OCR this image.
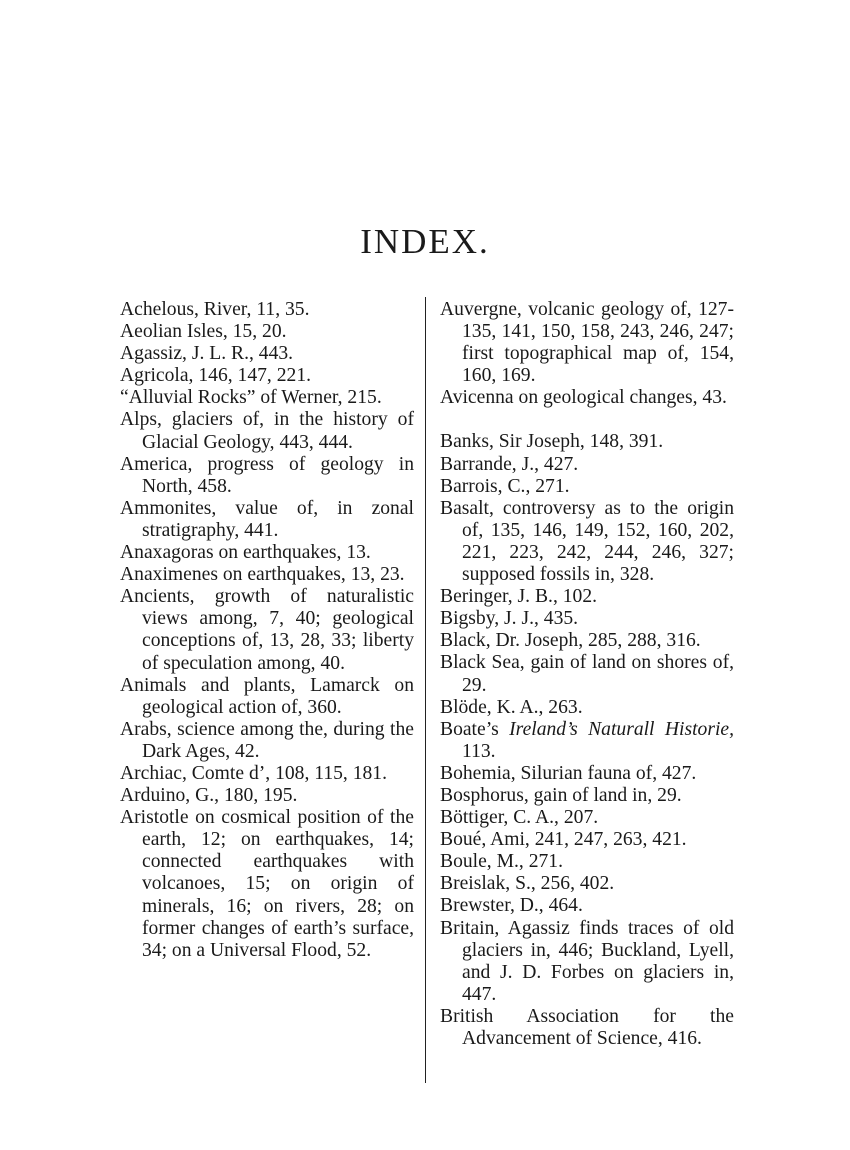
INDEX.
Achelous, River, 11, 35.
Aeolian Isles, 15, 20.
Agassiz, J. L. R., 443.
Agricola, 146, 147, 221.
“Alluvial Rocks” of Werner, 215.
Alps, glaciers of, in the history of Glacial Geology, 443, 444.
America, progress of geology in North, 458.
Ammonites, value of, in zonal stratigraphy, 441.
Anaxagoras on earthquakes, 13.
Anaximenes on earthquakes, 13, 23.
Ancients, growth of naturalistic views among, 7, 40; geological conceptions of, 13, 28, 33; liberty of speculation among, 40.
Animals and plants, Lamarck on geological action of, 360.
Arabs, science among the, during the Dark Ages, 42.
Archiac, Comte d’, 108, 115, 181.
Arduino, G., 180, 195.
Aristotle on cosmical position of the earth, 12; on earthquakes, 14; connected earthquakes with volcanoes, 15; on origin of minerals, 16; on rivers, 28; on former changes of earth’s surface, 34; on a Universal Flood, 52.
Auvergne, volcanic geology of, 127-135, 141, 150, 158, 243, 246, 247; first topographical map of, 154, 160, 169.
Avicenna on geological changes, 43.
Banks, Sir Joseph, 148, 391.
Barrande, J., 427.
Barrois, C., 271.
Basalt, controversy as to the origin of, 135, 146, 149, 152, 160, 202, 221, 223, 242, 244, 246, 327; supposed fossils in, 328.
Beringer, J. B., 102.
Bigsby, J. J., 435.
Black, Dr. Joseph, 285, 288, 316.
Black Sea, gain of land on shores of, 29.
Blöde, K. A., 263.
Boate’s Ireland’s Naturall Historie, 113.
Bohemia, Silurian fauna of, 427.
Bosphorus, gain of land in, 29.
Böttiger, C. A., 207.
Boué, Ami, 241, 247, 263, 421.
Boule, M., 271.
Breislak, S., 256, 402.
Brewster, D., 464.
Britain, Agassiz finds traces of old glaciers in, 446; Buckland, Lyell, and J. D. Forbes on glaciers in, 447.
British Association for the Advancement of Science, 416.
